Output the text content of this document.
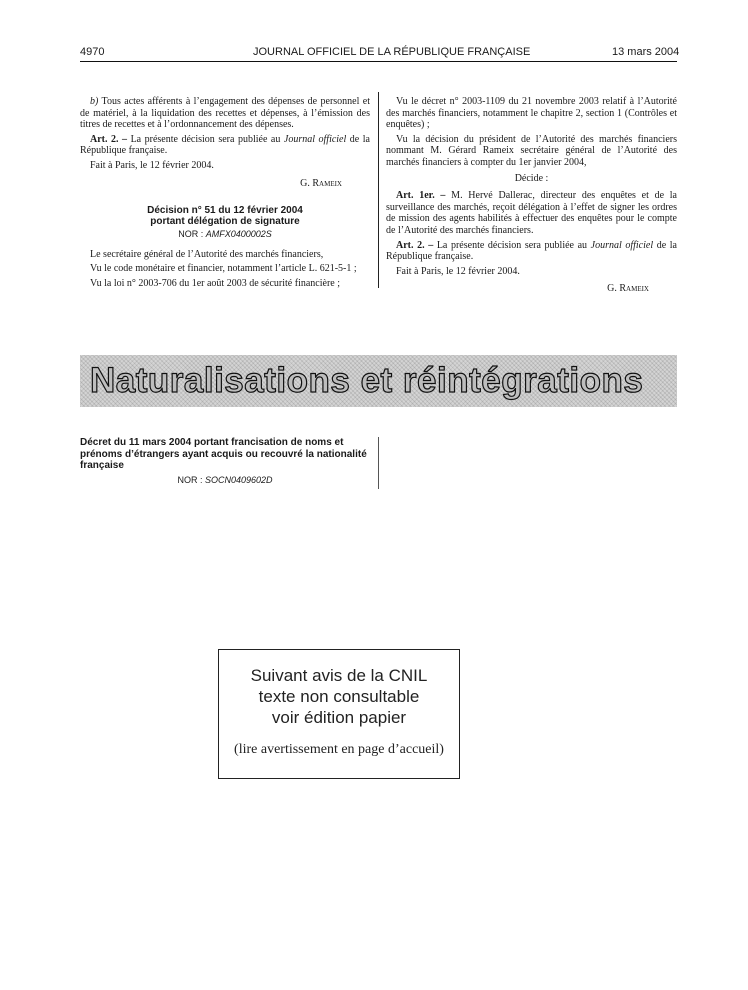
4970	JOURNAL OFFICIEL DE LA RÉPUBLIQUE FRANÇAISE	13 mars 2004

b) Tous actes afférents à l’engagement des dépenses de personnel et de matériel, à la liquidation des recettes et dépenses, à l’émission des titres de recettes et à l’ordonnancement des dépenses.

Art. 2. – La présente décision sera publiée au Journal officiel de la République française.

Fait à Paris, le 12 février 2004.

G. Rameix

Décision n° 51 du 12 février 2004
portant délégation de signature
NOR : AMFX0400002S

Le secrétaire général de l’Autorité des marchés financiers,

Vu le code monétaire et financier, notamment l’article L. 621-5-1 ;

Vu la loi n° 2003-706 du 1er août 2003 de sécurité financière ;

Vu le décret n° 2003-1109 du 21 novembre 2003 relatif à l’Autorité des marchés financiers, notamment le chapitre 2, section 1 (Contrôles et enquêtes) ;

Vu la décision du président de l’Autorité des marchés financiers nommant M. Gérard Rameix secrétaire général de l’Autorité des marchés financiers à compter du 1er janvier 2004,

Décide :

Art. 1er. – M. Hervé Dallerac, directeur des enquêtes et de la surveillance des marchés, reçoit délégation à l’effet de signer les ordres de mission des agents habilités à effectuer des enquêtes pour le compte de l’Autorité des marchés financiers.

Art. 2. – La présente décision sera publiée au Journal officiel de la République française.

Fait à Paris, le 12 février 2004.

G. Rameix

Naturalisations et réintégrations
Décret du 11 mars 2004 portant francisation de noms et prénoms d’étrangers ayant acquis ou recouvré la nationalité française
NOR : SOCN0409602D
Suivant avis de la CNIL
texte non consultable
voir édition papier
(lire avertissement en page d’accueil)
